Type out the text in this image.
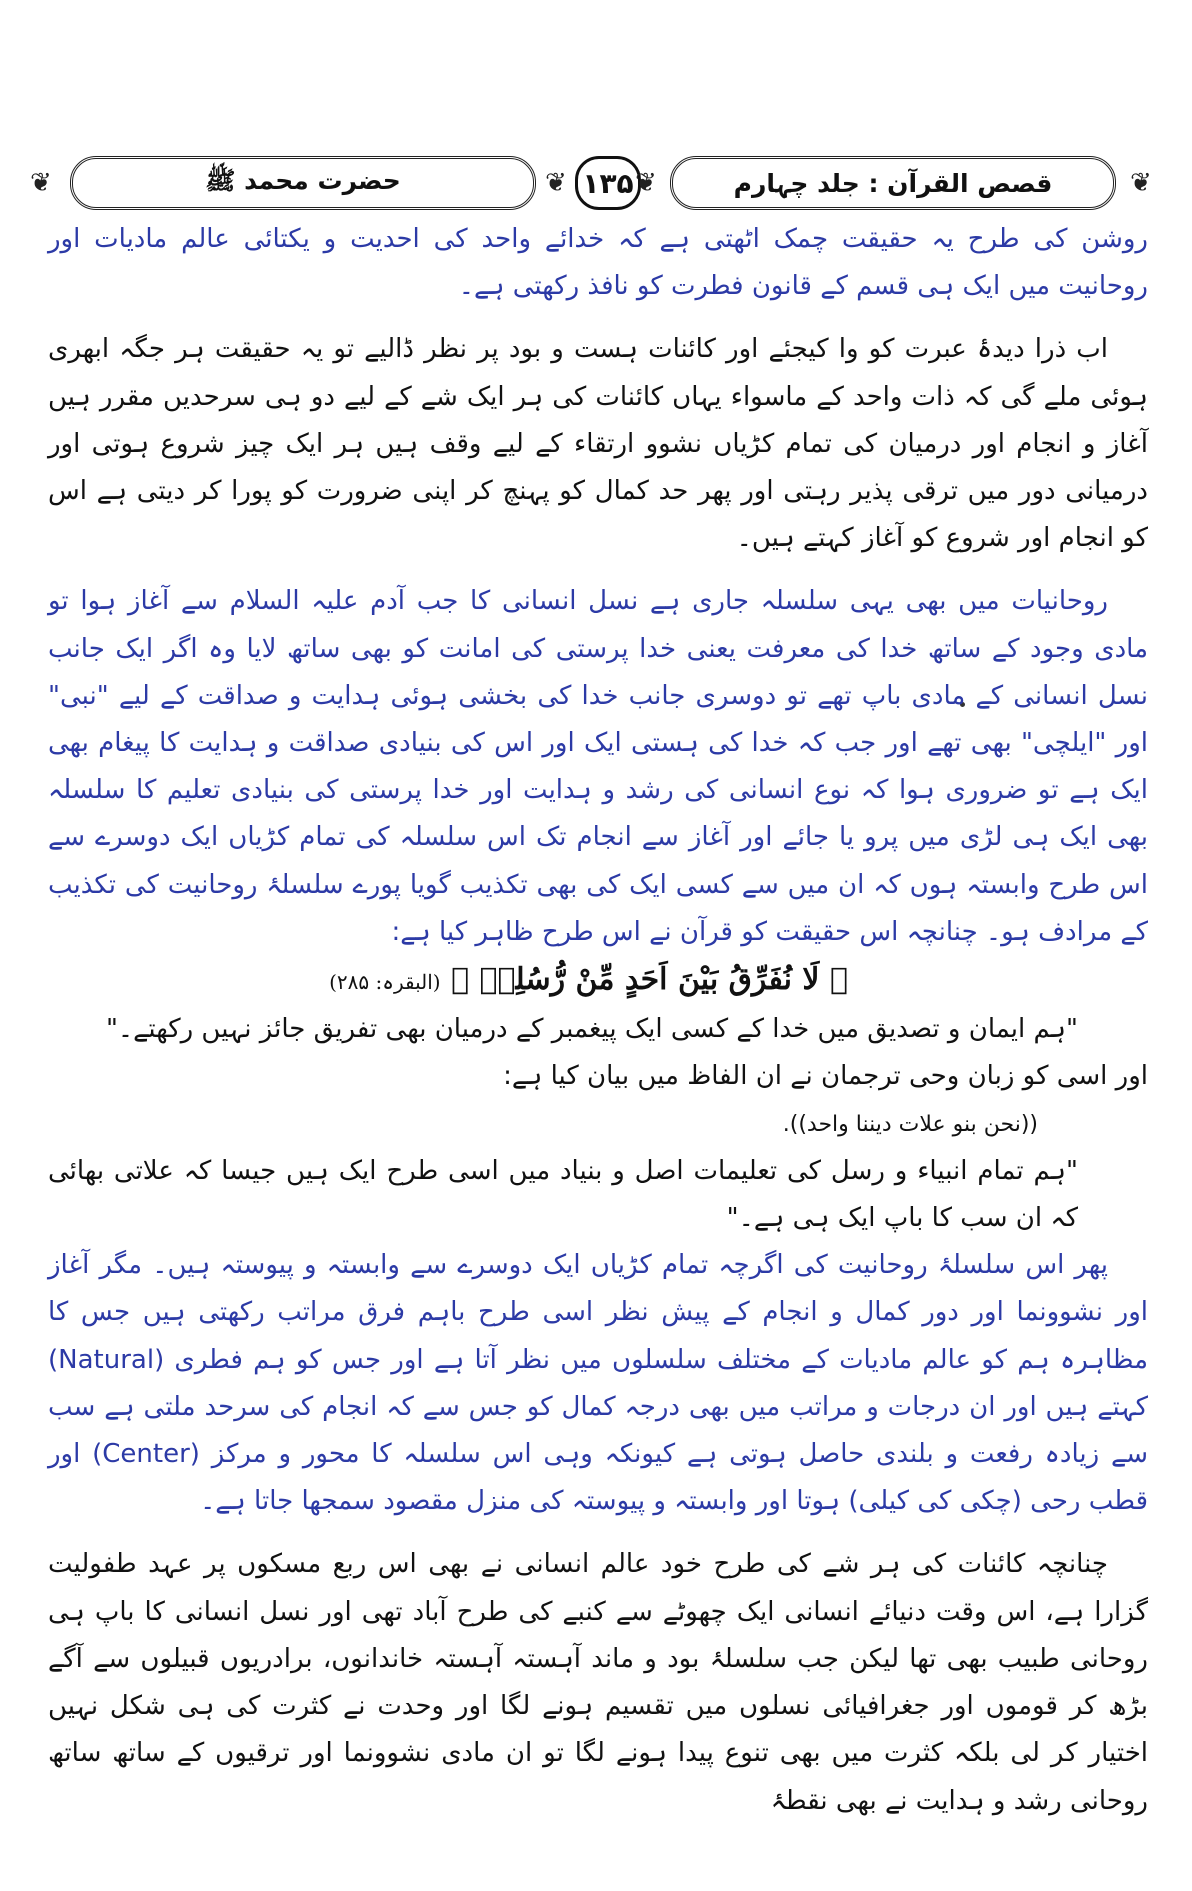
❦	حضرت محمد ﷺ	❦ ۱۳۵ ❦	قصص القرآن : جلد چہارم	❦

روشن کی طرح یہ حقیقت چمک اٹھتی ہے کہ خدائے واحد کی احدیت و یکتائی عالم مادیات اور روحانیت میں ایک ہی قسم کے قانون فطرت کو نافذ رکھتی ہے۔

اب ذرا دیدۂ عبرت کو وا کیجئے اور کائنات ہست و بود پر نظر ڈالیے تو یہ حقیقت ہر جگہ ابھری ہوئی ملے گی کہ ذات واحد کے ماسواء یہاں کائنات کی ہر ایک شے کے لیے دو ہی سرحدیں مقرر ہیں آغاز و انجام اور درمیان کی تمام کڑیاں نشوو ارتقاء کے لیے وقف ہیں ہر ایک چیز شروع ہوتی اور درمیانی دور میں ترقی پذیر رہتی اور پھر حد کمال کو پہنچ کر اپنی ضرورت کو پورا کر دیتی ہے اس کو انجام اور شروع کو آغاز کہتے ہیں۔

روحانیات میں بھی یہی سلسلہ جاری ہے نسل انسانی کا جب آدم علیہ السلام سے آغاز ہوا تو مادی وجود کے ساتھ خدا کی معرفت یعنی خدا پرستی کی امانت کو بھی ساتھ لایا وہ اگر ایک جانب نسل انسانی کے مادی باپ تھے تو دوسری جانب خدا کی بخشی ہوئی ہدایت و صداقت کے لیے "نبی" اور "ایلچی" بھی تھے اور جب کہ خدا کی ہستی ایک اور اس کی بنیادی صداقت و ہدایت کا پیغام بھی ایک ہے تو ضروری ہوا کہ نوع انسانی کی رشد و ہدایت اور خدا پرستی کی بنیادی تعلیم کا سلسلہ بھی ایک ہی لڑی میں پرو یا جائے اور آغاز سے انجام تک اس سلسلہ کی تمام کڑیاں ایک دوسرے سے اس طرح وابستہ ہوں کہ ان میں سے کسی ایک کی بھی تکذیب گویا پورے سلسلۂ روحانیت کی تکذیب کے مرادف ہو۔ چنانچہ اس حقیقت کو قرآن نے اس طرح ظاہر کیا ہے:

﴿ لَا نُفَرِّقُ بَيْنَ اَحَدٍ مِّنْ رُّسُلِهٖ ﴾ (البقرہ: ۲۸۵)

"ہم ایمان و تصدیق میں خدا کے کسی ایک پیغمبر کے درمیان بھی تفریق جائز نہیں رکھتے۔"

اور اسی کو زبان وحی ترجمان نے ان الفاظ میں بیان کیا ہے:

((نحن بنو علات دیننا واحد)).

"ہم تمام انبیاء و رسل کی تعلیمات اصل و بنیاد میں اسی طرح ایک ہیں جیسا کہ علاتی بھائی کہ ان سب کا باپ ایک ہی ہے۔"

پھر اس سلسلۂ روحانیت کی اگرچہ تمام کڑیاں ایک دوسرے سے وابستہ و پیوستہ ہیں۔ مگر آغاز اور نشوونما اور دور کمال و انجام کے پیش نظر اسی طرح باہم فرق مراتب رکھتی ہیں جس کا مظاہرہ ہم کو عالم مادیات کے مختلف سلسلوں میں نظر آتا ہے اور جس کو ہم فطری (Natural) کہتے ہیں اور ان درجات و مراتب میں بھی درجہ کمال کو جس سے کہ انجام کی سرحد ملتی ہے سب سے زیادہ رفعت و بلندی حاصل ہوتی ہے کیونکہ وہی اس سلسلہ کا محور و مرکز (Center) اور قطب رحی (چکی کی کیلی) ہوتا اور وابستہ و پیوستہ کی منزل مقصود سمجھا جاتا ہے۔

چنانچہ کائنات کی ہر شے کی طرح خود عالم انسانی نے بھی اس ربع مسکوں پر عہد طفولیت گزارا ہے، اس وقت دنیائے انسانی ایک چھوٹے سے کنبے کی طرح آباد تھی اور نسل انسانی کا باپ ہی روحانی طبیب بھی تھا لیکن جب سلسلۂ بود و ماند آہستہ آہستہ خاندانوں، برادریوں قبیلوں سے آگے بڑھ کر قوموں اور جغرافیائی نسلوں میں تقسیم ہونے لگا اور وحدت نے کثرت کی ہی شکل نہیں اختیار کر لی بلکہ کثرت میں بھی تنوع پیدا ہونے لگا تو ان مادی نشوونما اور ترقیوں کے ساتھ ساتھ روحانی رشد و ہدایت نے بھی نقطۂ
